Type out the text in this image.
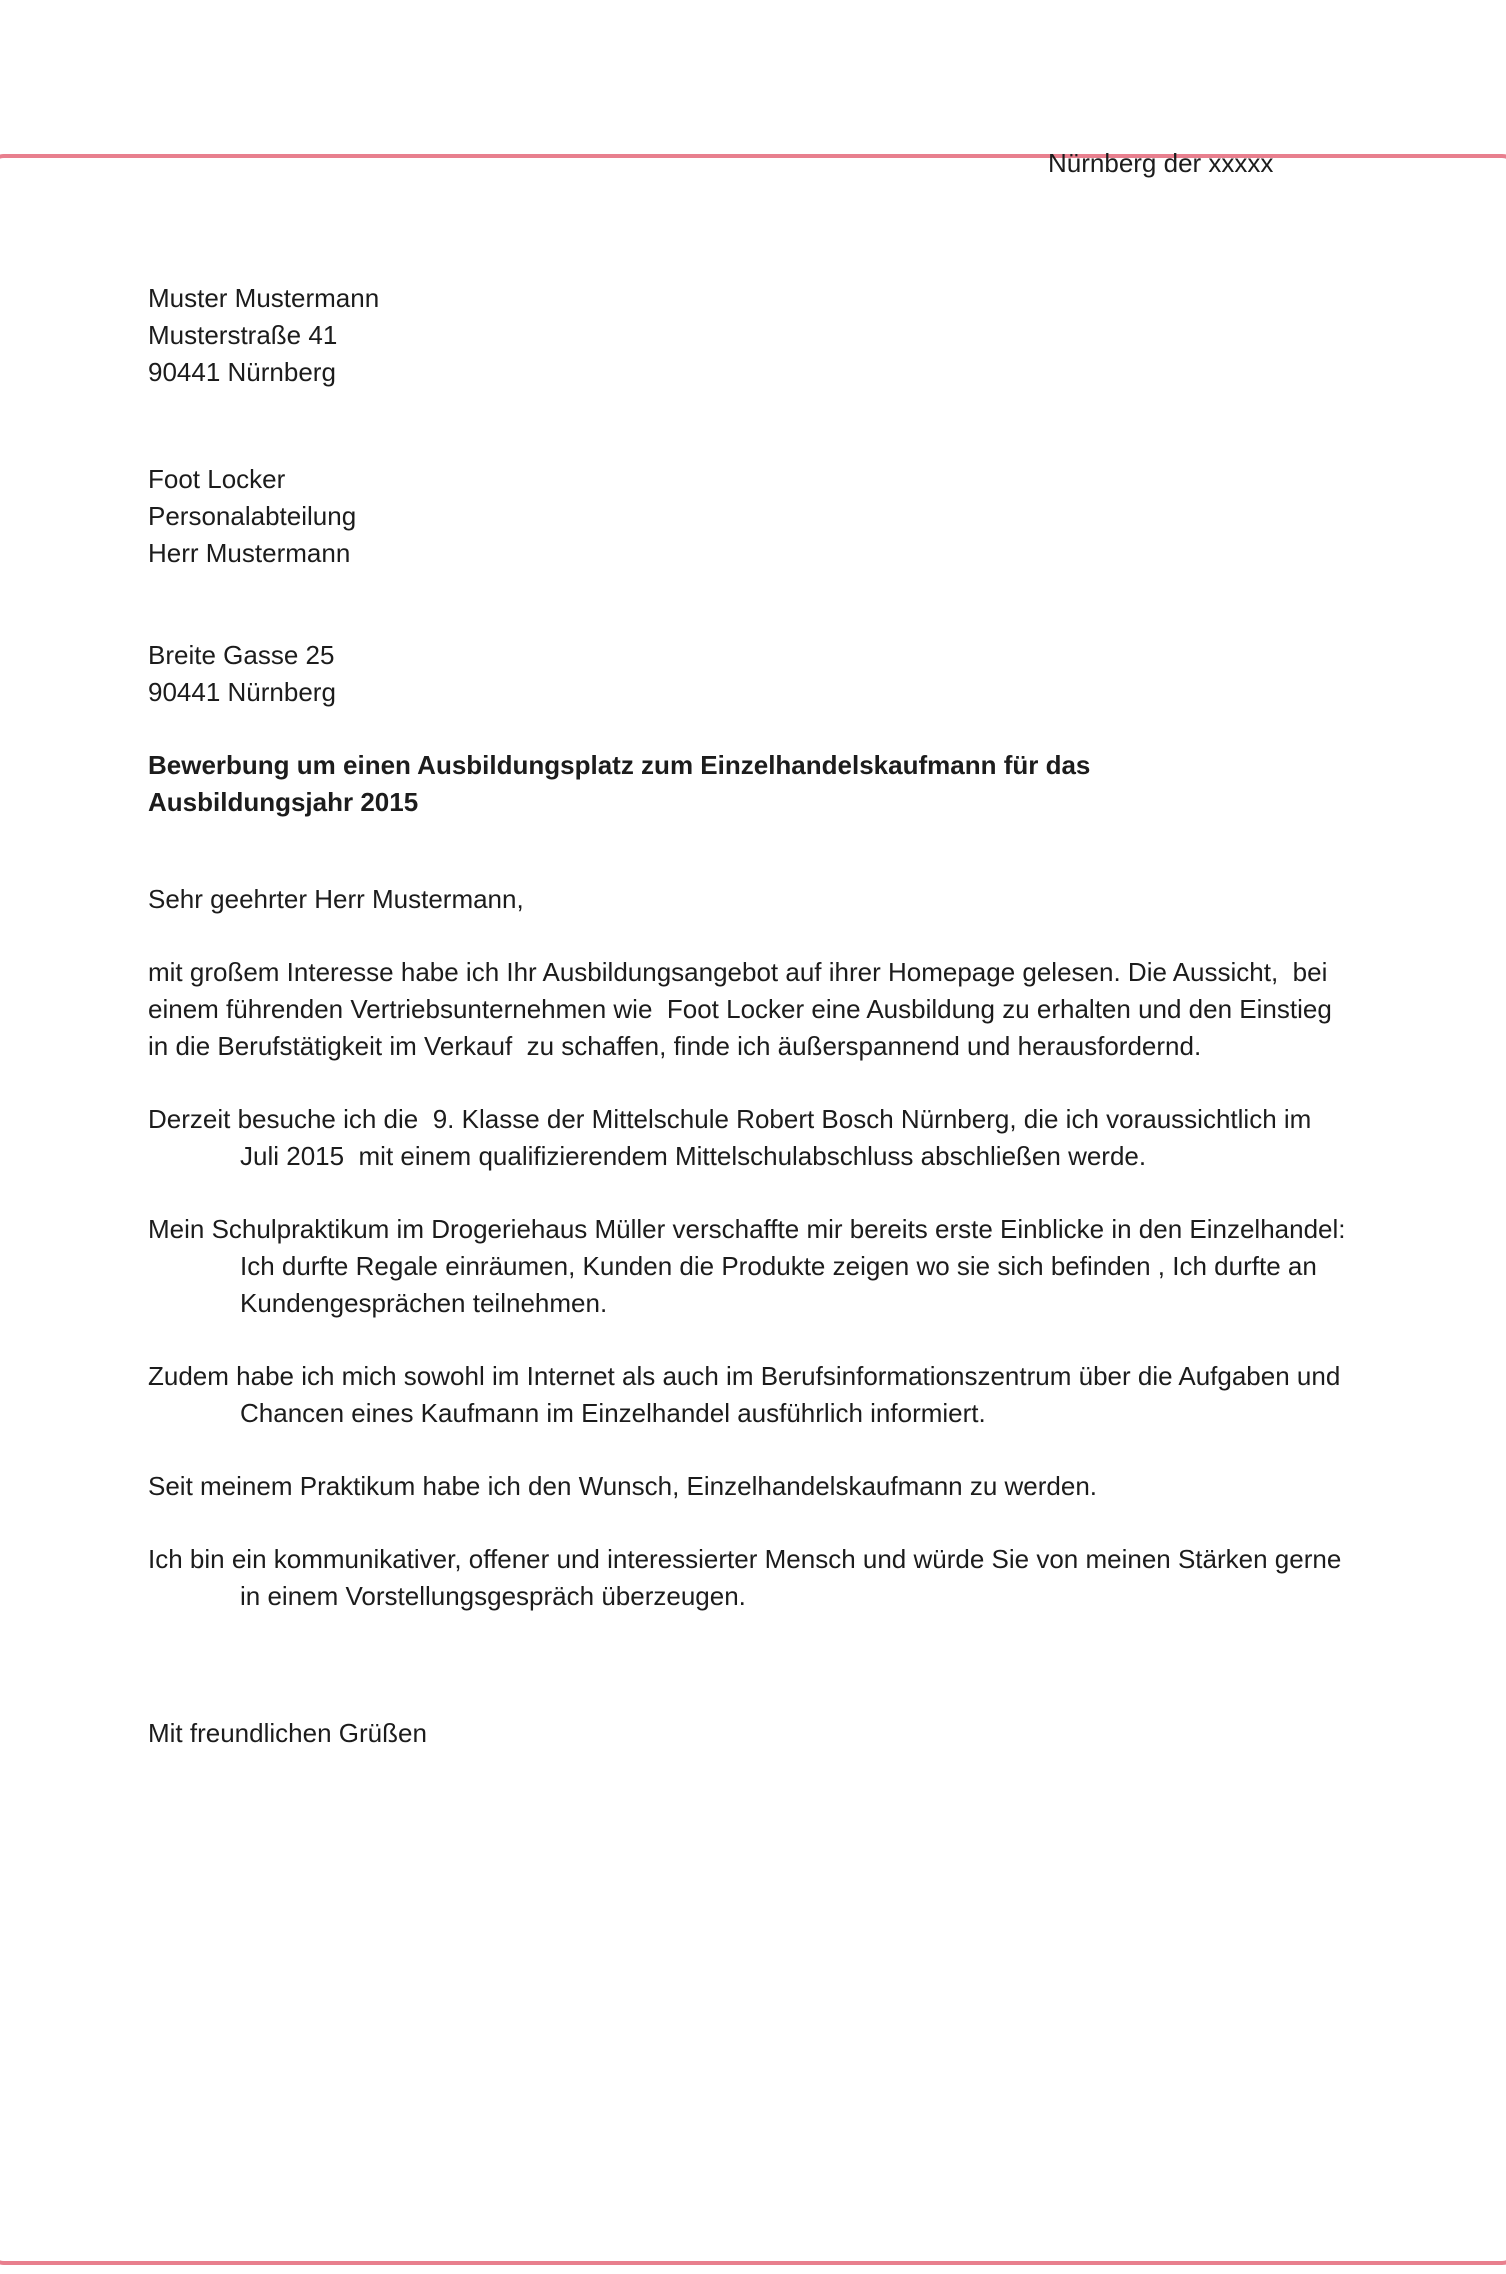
Nürnberg der xxxxx

Muster Mustermann

Musterstraße 41

90441 Nürnberg

Foot Locker

Personalabteilung

Herr Mustermann

Breite Gasse 25

90441 Nürnberg

Bewerbung um einen Ausbildungsplatz zum Einzelhandelskaufmann für das Ausbildungsjahr 2015

Sehr geehrter Herr Mustermann,

mit großem Interesse habe ich Ihr Ausbildungsangebot auf ihrer Homepage gelesen. Die Aussicht,  bei einem führenden Vertriebsunternehmen wie  Foot Locker eine Ausbildung zu erhalten und den Einstieg in die Berufstätigkeit im Verkauf  zu schaffen, finde ich äußerspannend und herausfordernd.

Derzeit besuche ich die  9. Klasse der Mittelschule Robert Bosch Nürnberg, die ich voraussichtlich im Juli 2015  mit einem qualifizierendem Mittelschulabschluss abschließen werde.

Mein Schulpraktikum im Drogeriehaus Müller verschaffte mir bereits erste Einblicke in den Einzelhandel: Ich durfte Regale einräumen, Kunden die Produkte zeigen wo sie sich befinden , Ich durfte an Kundengesprächen teilnehmen.

Zudem habe ich mich sowohl im Internet als auch im Berufsinformationszentrum über die Aufgaben und Chancen eines Kaufmann im Einzelhandel ausführlich informiert.

Seit meinem Praktikum habe ich den Wunsch, Einzelhandelskaufmann zu werden.

Ich bin ein kommunikativer, offener und interessierter Mensch und würde Sie von meinen Stärken gerne in einem Vorstellungsgespräch überzeugen.

Mit freundlichen Grüßen
